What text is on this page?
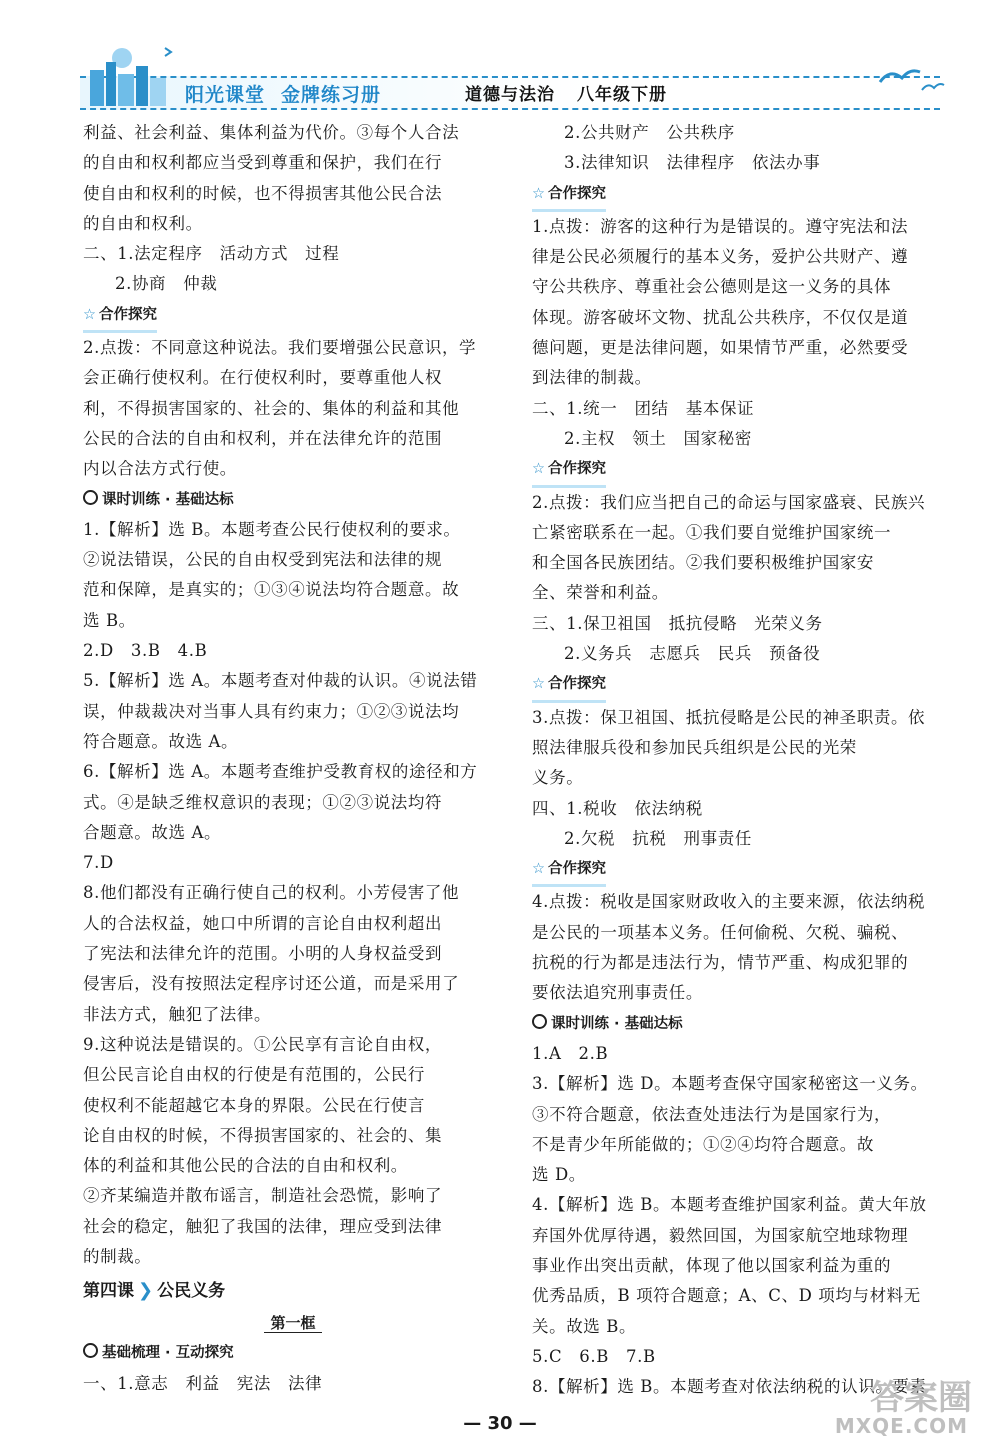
阳光课堂 金牌练习册	道德与法治 八年级下册
利益、社会利益、集体利益为代价。③每个人合法
的自由和权利都应当受到尊重和保护，我们在行
使自由和权利的时候，也不得损害其他公民合法
的自由和权利。
二、1.法定程序　活动方式　过程
2.协商　仲裁
☆ 合作探究
2.点拨：不同意这种说法。我们要增强公民意识，学
会正确行使权利。在行使权利时，要尊重他人权
利，不得损害国家的、社会的、集体的利益和其他
公民的合法的自由和权利，并在法律允许的范围
内以合法方式行使。
课时训练 · 基础达标
1.【解析】选 B。本题考查公民行使权利的要求。
②说法错误，公民的自由权受到宪法和法律的规
范和保障，是真实的；①③④说法均符合题意。故
选 B。
2.D　3.B　4.B
5.【解析】选 A。本题考查对仲裁的认识。④说法错
误，仲裁裁决对当事人具有约束力；①②③说法均
符合题意。故选 A。
6.【解析】选 A。本题考查维护受教育权的途径和方
式。④是缺乏维权意识的表现；①②③说法均符
合题意。故选 A。
7.D
8.他们都没有正确行使自己的权利。小芳侵害了他
人的合法权益，她口中所谓的言论自由权利超出
了宪法和法律允许的范围。小明的人身权益受到
侵害后，没有按照法定程序讨还公道，而是采用了
非法方式，触犯了法律。
9.这种说法是错误的。①公民享有言论自由权，
但公民言论自由权的行使是有范围的，公民行
使权利不能超越它本身的界限。公民在行使言
论自由权的时候，不得损害国家的、社会的、集
体的利益和其他公民的合法的自由和权利。
②齐某编造并散布谣言，制造社会恐慌，影响了
社会的稳定，触犯了我国的法律，理应受到法律
的制裁。
第四课 ❯ 公民义务
第一框
基础梳理 · 互动探究
一、1.意志　利益　宪法　法律
2.公共财产　公共秩序
3.法律知识　法律程序　依法办事
☆ 合作探究
1.点拨：游客的这种行为是错误的。遵守宪法和法
律是公民必须履行的基本义务，爱护公共财产、遵
守公共秩序、尊重社会公德则是这一义务的具体
体现。游客破坏文物、扰乱公共秩序，不仅仅是道
德问题，更是法律问题，如果情节严重，必然要受
到法律的制裁。
二、1.统一　团结　基本保证
2.主权　领土　国家秘密
☆ 合作探究
2.点拨：我们应当把自己的命运与国家盛衰、民族兴
亡紧密联系在一起。①我们要自觉维护国家统一
和全国各民族团结。②我们要积极维护国家安
全、荣誉和利益。
三、1.保卫祖国　抵抗侵略　光荣义务
2.义务兵　志愿兵　民兵　预备役
☆ 合作探究
3.点拨：保卫祖国、抵抗侵略是公民的神圣职责。依
照法律服兵役和参加民兵组织是公民的光荣
义务。
四、1.税收　依法纳税
2.欠税　抗税　刑事责任
☆ 合作探究
4.点拨：税收是国家财政收入的主要来源，依法纳税
是公民的一项基本义务。任何偷税、欠税、骗税、
抗税的行为都是违法行为，情节严重、构成犯罪的
要依法追究刑事责任。
课时训练 · 基础达标
1.A　2.B
3.【解析】选 D。本题考查保守国家秘密这一义务。
③不符合题意，依法查处违法行为是国家行为，
不是青少年所能做的；①②④均符合题意。故
选 D。
4.【解析】选 B。本题考查维护国家利益。黄大年放
弃国外优厚待遇，毅然回国，为国家航空地球物理
事业作出突出贡献，体现了他以国家利益为重的
优秀品质，B 项符合题意；A、C、D 项均与材料无
关。故选 B。
5.C　6.B　7.B
8.【解析】选 B。本题考查对依法纳税的认识。要素
— 30 —
答案圈
MXQE.COM
